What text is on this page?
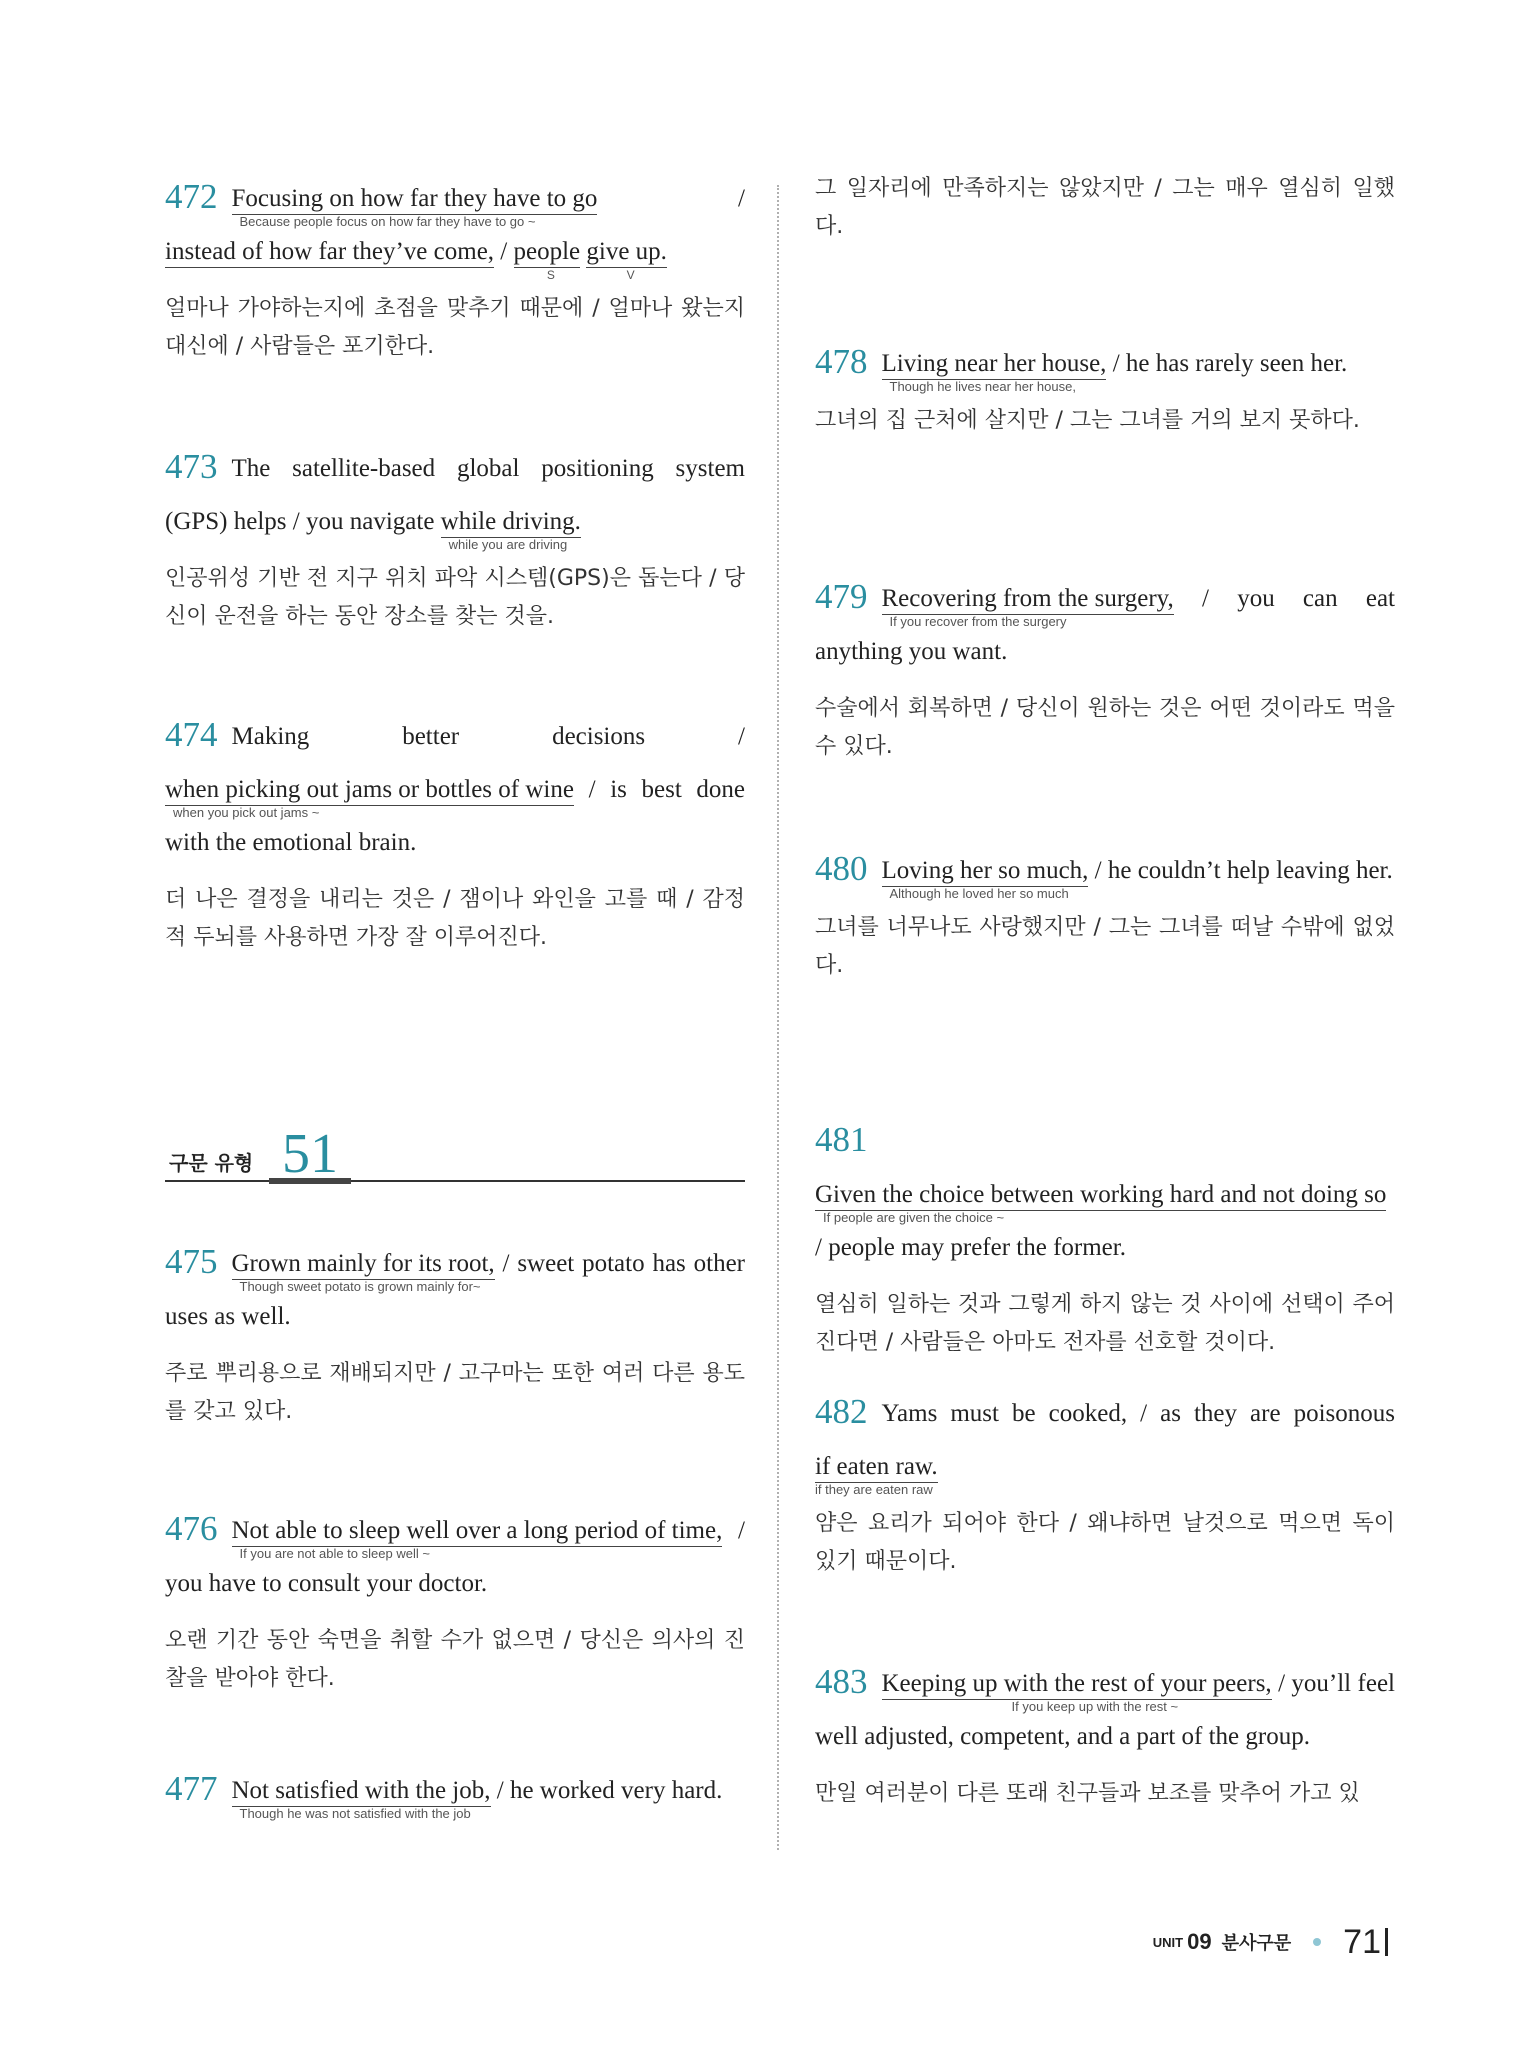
472 Focusing on how far they have to go
Because people focus on how far they have to go ~
/ instead of how far they’ve come, / people
S
give up.
V

얼마나 가야하는지에 초점을 맞추기 때문에 / 얼마나 왔는지 대신에 / 사람들은 포기한다.

473 The satellite-based global positioning system (GPS) helps / you navigate while driving.
while you are driving

인공위성 기반 전 지구 위치 파악 시스템(GPS)은 돕는다 / 당신이 운전을 하는 동안 장소를 찾는 것을.

474 Making better decisions / when picking out jams or bottles of wine
when you pick out jams ~
/ is best done with the emotional brain.

더 나은 결정을 내리는 것은 / 잼이나 와인을 고를 때 / 감정적 두뇌를 사용하면 가장 잘 이루어진다.

구문 유형 51

475 Grown mainly for its root,
Though sweet potato is grown mainly for~
/ sweet potato has other uses as well.

주로 뿌리용으로 재배되지만 / 고구마는 또한 여러 다른 용도를 갖고 있다.

476 Not able to sleep well over a long period of time,
If you are not able to sleep well ~
/ you have to consult your doctor.

오랜 기간 동안 숙면을 취할 수가 없으면 / 당신은 의사의 진찰을 받아야 한다.

477 Not satisfied with the job,
Though he was not satisfied with the job
/ he worked very hard.

그 일자리에 만족하지는 않았지만 / 그는 매우 열심히 일했다.

478 Living near her house,
Though he lives near her house,
/ he has rarely seen her.

그녀의 집 근처에 살지만 / 그는 그녀를 거의 보지 못하다.

479 Recovering from the surgery,
If you recover from the surgery
/ you can eat anything you want.

수술에서 회복하면 / 당신이 원하는 것은 어떤 것이라도 먹을 수 있다.

480 Loving her so much,
Although he loved her so much
/ he couldn’t help leaving her.

그녀를 너무나도 사랑했지만 / 그는 그녀를 떠날 수밖에 없었다.

481Given the choice between working hard and not doing so
If people are given the choice ~
/ people may prefer the former.

열심히 일하는 것과 그렇게 하지 않는 것 사이에 선택이 주어진다면 / 사람들은 아마도 전자를 선호할 것이다.

482 Yams must be cooked, / as they are poisonous if eaten raw.
if they are eaten raw

얌은 요리가 되어야 한다 / 왜냐하면 날것으로 먹으면 독이 있기 때문이다.

483 Keeping up with the rest of your peers,
If you keep up with the rest ~
/ you’ll feel well adjusted, competent, and a part of the group.

만일 여러분이 다른 또래 친구들과 보조를 맞추어 가고 있

UNIT 09 분사구문 71
